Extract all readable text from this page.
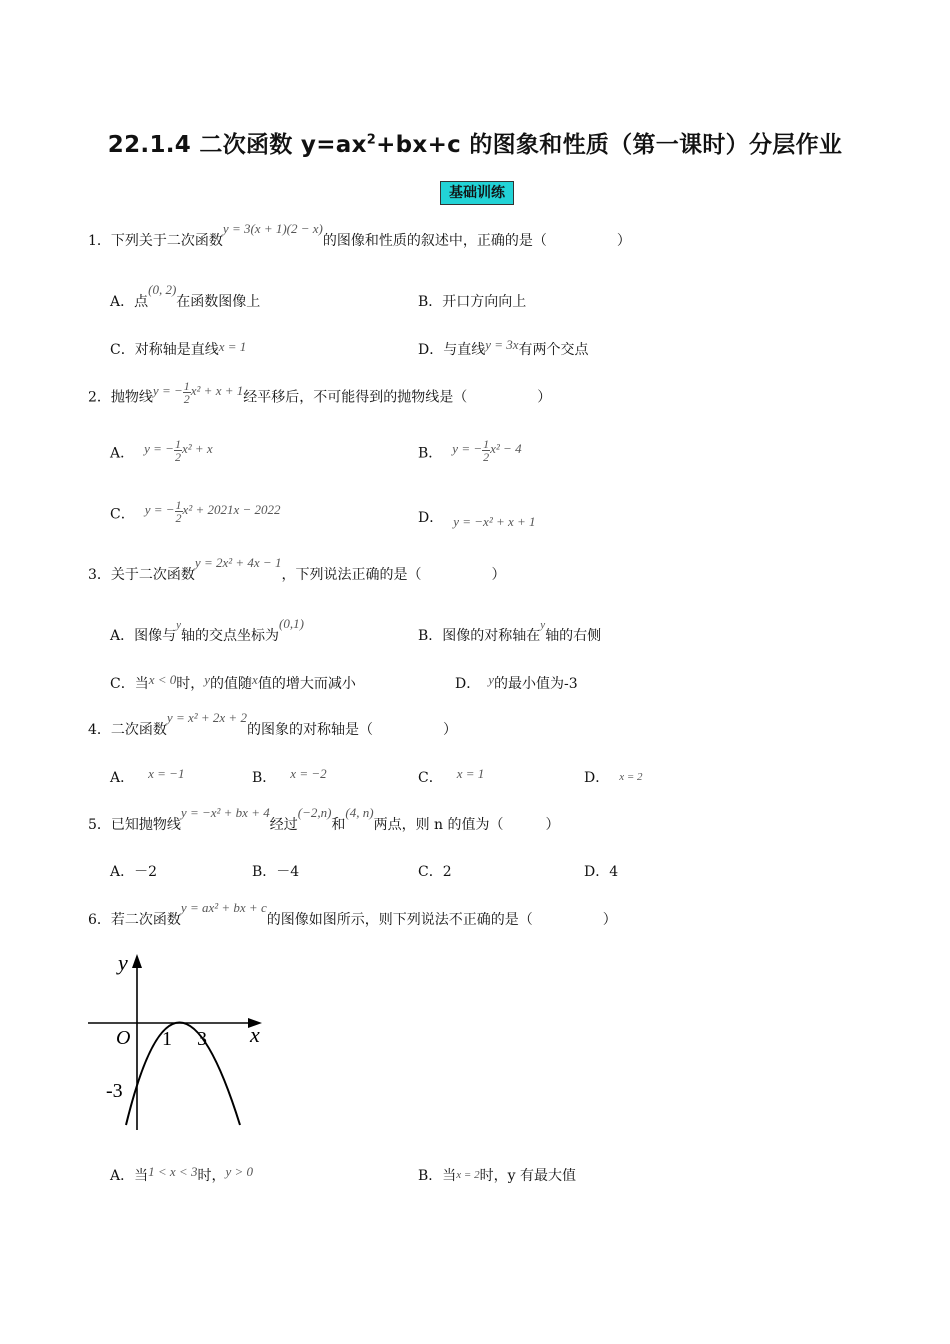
22.1.4 二次函数 $y=ax^2+bx+c$ 的图象和性质（第一课时）分层作业
基础训练
1．下列关于二次函数y = 3(x + 1)(2 − x)的图像和性质的叙述中，正确的是（　　　　　）
A．点(0, 2)在函数图像上	B．开口方向向上
C．对称轴是直线x = 1	D．与直线y = 3x有两个交点
2．抛物线y = − $\frac{1}{2} x^2 + x + 1$经平移后，不可能得到的抛物线是（　　　　　）
A． y = − $\frac{1}{2} x^2 + x$	B． y = − $\frac{1}{2} x^2 - 4$
C． y = − $\frac{1}{2} x^2 + 2021x - 2022$
D． y = −x² + x + 1
3．关于二次函数y = 2x² + 4x − 1，下列说法正确的是（　　　　　）
A．图像与$^y$轴的交点坐标为(0,1)
B．图像的对称轴在$^y$轴的右侧
C．当x < 0时，y的值随x值的增大而减小	D． y的最小值为-3
4．二次函数y = x² + 2x + 2的图象的对称轴是（　　　　　）
A． x = −1	B． x = −2	C． x = 1	D． x = 2
5．已知抛物线y = −x² + bx + 4经过(−2,n)和(4, n)两点，则 n 的值为（　　　）
A．－2	B．－4	C．2	D．4
6．若二次函数y = ax² + bx + c的图像如图所示，则下列说法不正确的是（　　　　　）
y
x
O 1 3
-3
A．当1 < x < 3时，y > 0	B．当x = 2时，y 有最大值
